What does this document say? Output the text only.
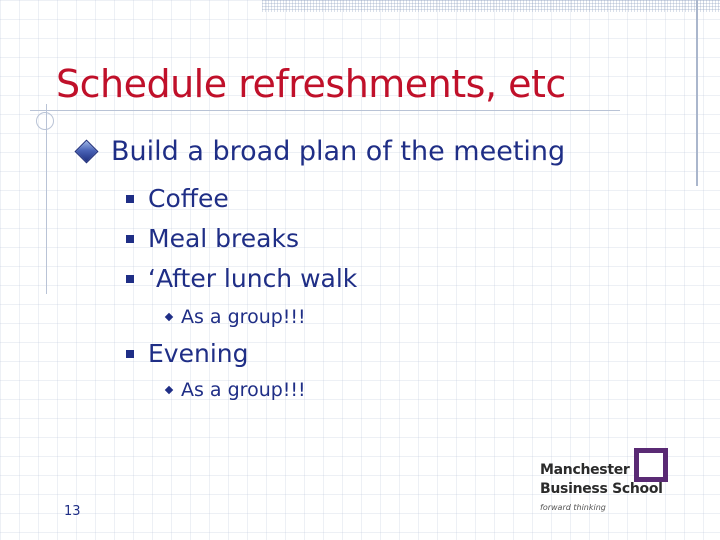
Schedule refreshments, etc
Build a broad plan of the meeting
Coffee
Meal breaks
‘After lunch walk
As a group!!!
Evening
As a group!!!
13
Manchester
Business School
forward thinking
